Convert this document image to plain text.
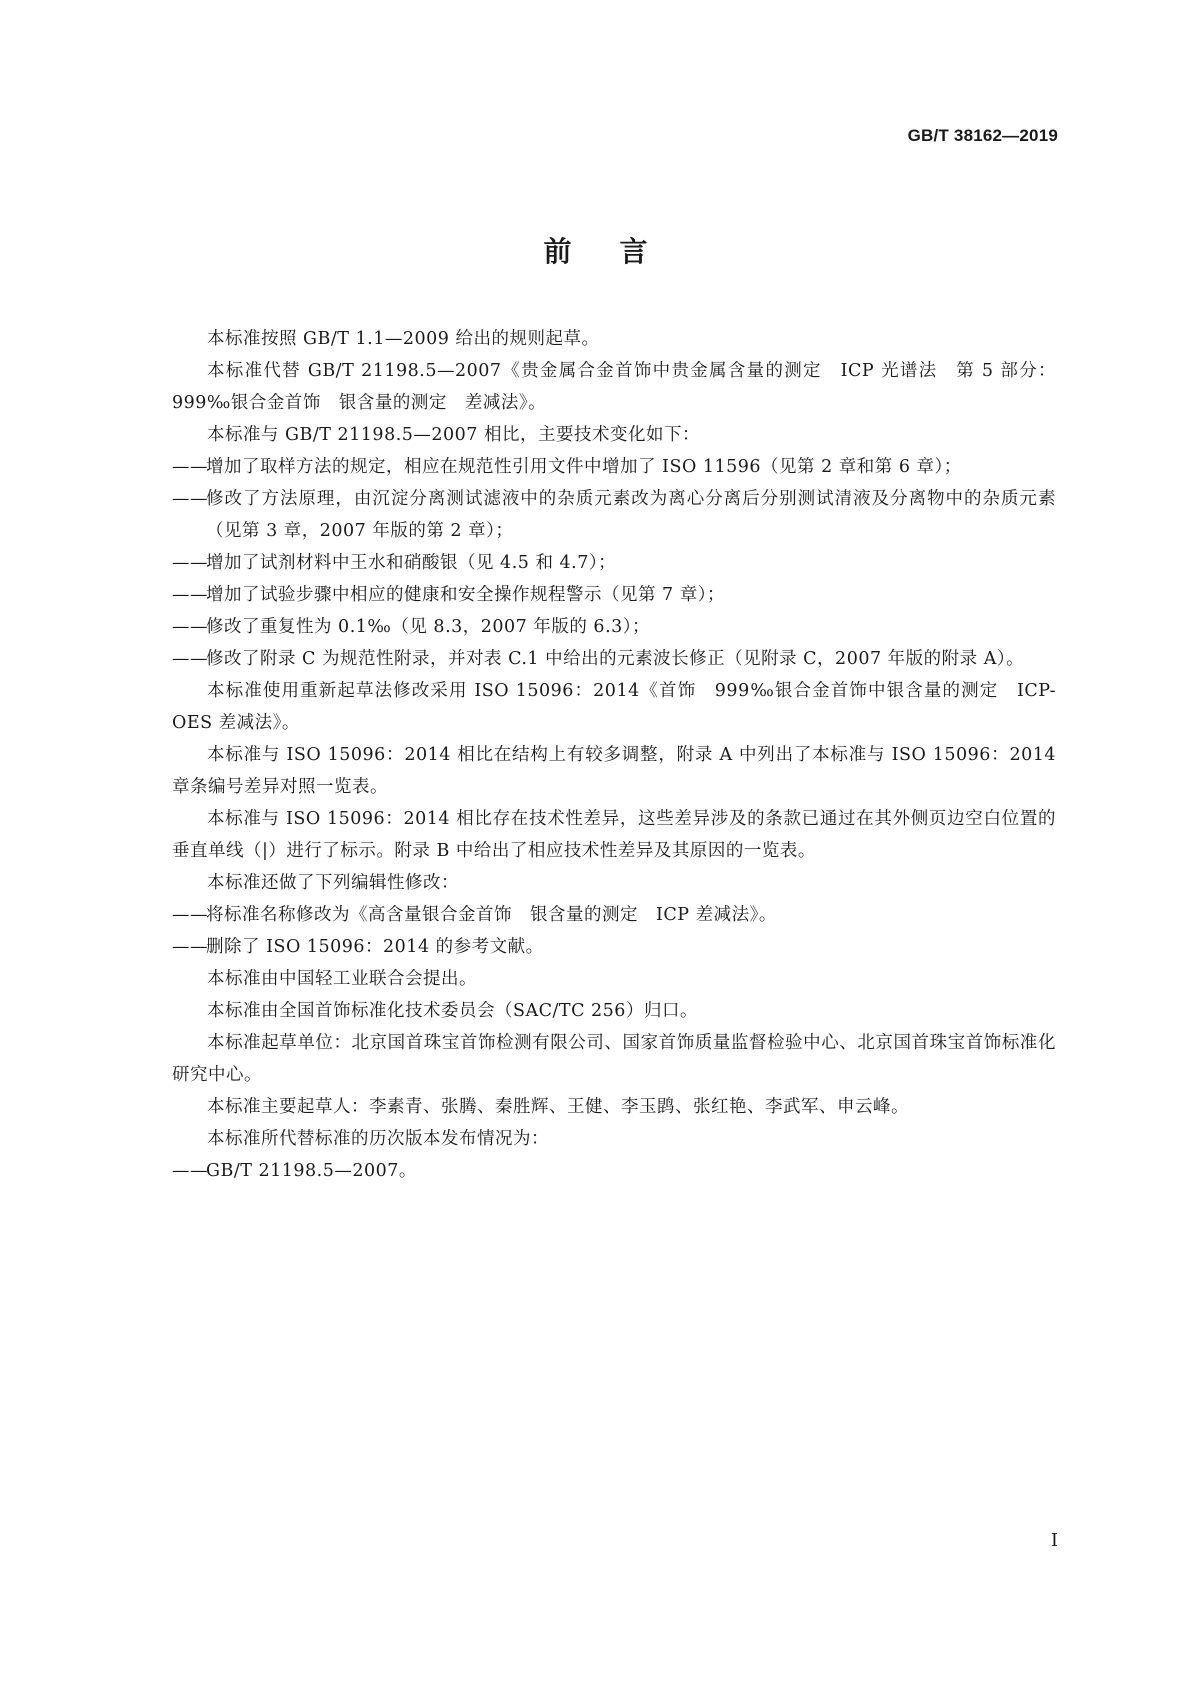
GB/T 38162—2019
前言

本标准按照 GB/T 1.1—2009 给出的规则起草。

本标准代替 GB/T 21198.5—2007《贵金属合金首饰中贵金属含量的测定　ICP 光谱法　第 5 部分：999‰银合金首饰　银含量的测定　差减法》。

本标准与 GB/T 21198.5—2007 相比，主要技术变化如下：

——
增加了取样方法的规定，相应在规范性引用文件中增加了 ISO 11596（见第 2 章和第 6 章）；
——
修改了方法原理，由沉淀分离测试滤液中的杂质元素改为离心分离后分别测试清液及分离物中的杂质元素（见第 3 章，2007 年版的第 2 章）；
——
增加了试剂材料中王水和硝酸银（见 4.5 和 4.7）；
——
增加了试验步骤中相应的健康和安全操作规程警示（见第 7 章）；
——
修改了重复性为 0.1‰（见 8.3，2007 年版的 6.3）；
——
修改了附录 C 为规范性附录，并对表 C.1 中给出的元素波长修正（见附录 C，2007 年版的附录 A）。

本标准使用重新起草法修改采用 ISO 15096：2014《首饰　999‰银合金首饰中银含量的测定　ICP-OES 差减法》。

本标准与 ISO 15096：2014 相比在结构上有较多调整，附录 A 中列出了本标准与 ISO 15096：2014 章条编号差异对照一览表。

本标准与 ISO 15096：2014 相比存在技术性差异，这些差异涉及的条款已通过在其外侧页边空白位置的垂直单线（|）进行了标示。附录 B 中给出了相应技术性差异及其原因的一览表。

本标准还做了下列编辑性修改：

——
将标准名称修改为《高含量银合金首饰　银含量的测定　ICP 差减法》。
——
删除了 ISO 15096：2014 的参考文献。

本标准由中国轻工业联合会提出。

本标准由全国首饰标准化技术委员会（SAC/TC 256）归口。

本标准起草单位：北京国首珠宝首饰检测有限公司、国家首饰质量监督检验中心、北京国首珠宝首饰标准化研究中心。

本标准主要起草人：李素青、张腾、秦胜辉、王健、李玉鹍、张红艳、李武军、申云峰。

本标准所代替标准的历次版本发布情况为：

——
GB/T 21198.5—2007。
I
